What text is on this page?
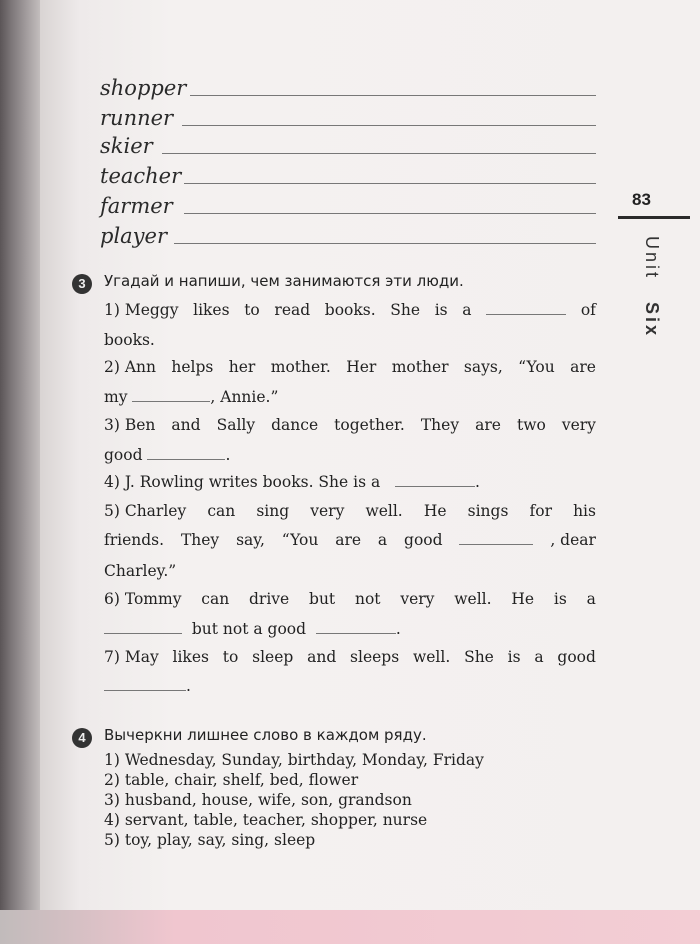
shopper
runner
skier
teacher
farmer
player
83
Unit Six
3	Угадай и напиши, чем занимаются эти люди.
1) Meggy likes to read books. She is a	of
books.
2) Ann helps her mother. Her mother says, “You are
my	, Annie.”
3) Ben and Sally dance together. They are two very
good	.
4) J. Rowling writes books. She is a	.
5) Charley can sing very well. He sings for his
friends. They say, “You are a good	, dear
Charley.”
6) Tommy can drive but not very well. He is a
but not a good	.
7) May likes to sleep and sleeps well. She is a good
.
4	Вычеркни лишнее слово в каждом ряду.
1) Wednesday, Sunday, birthday, Monday, Friday
2) table, chair, shelf, bed, flower
3) husband, house, wife, son, grandson
4) servant, table, teacher, shopper, nurse
5) toy, play, say, sing, sleep
